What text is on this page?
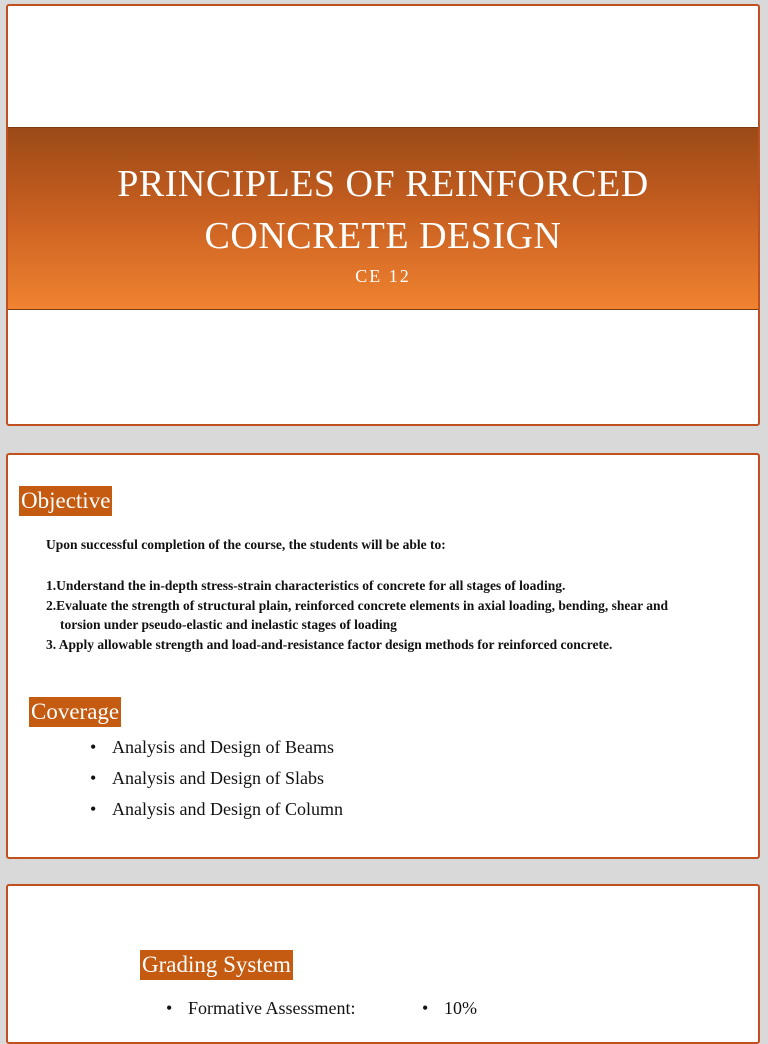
PRINCIPLES OF REINFORCED
CONCRETE DESIGN
CE 12
Objective
Upon successful completion of the course, the students will be able to:
1.Understand the in-depth stress-strain characteristics of concrete for all stages of loading.
2.Evaluate the strength of structural plain, reinforced concrete elements in axial loading, bending, shear and torsion under pseudo-elastic and inelastic stages of loading
3. Apply allowable strength and load-and-resistance factor design methods for reinforced concrete.
Coverage
• Analysis and Design of Beams
• Analysis and Design of Slabs
• Analysis and Design of Column
Grading System
• Formative Assessment:	• 10%
